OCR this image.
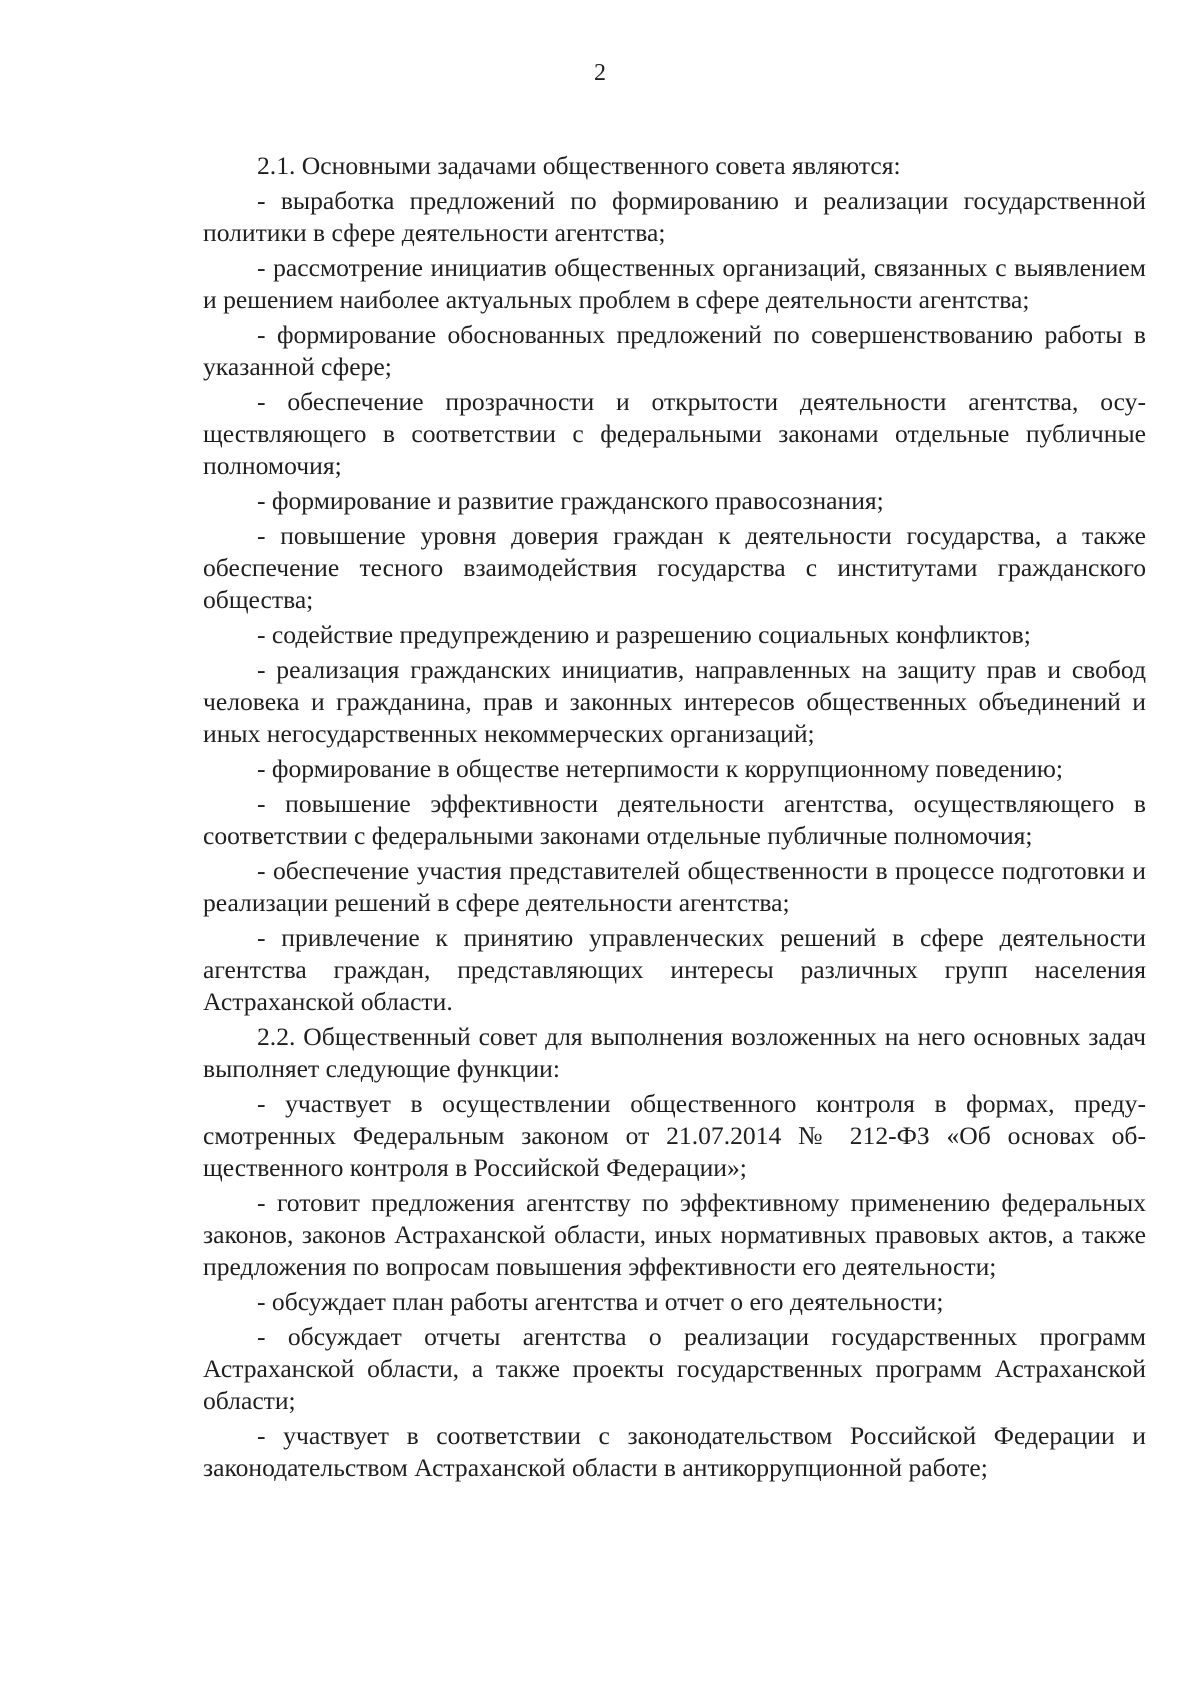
2

2.1. Основными задачами общественного совета являются:

- выработка предложений по формированию и реализации государственной политики в сфере деятельности агентства;

- рассмотрение инициатив общественных организаций, связанных с выявлением и решением наиболее актуальных проблем в сфере деятельности агентства;

- формирование обоснованных предложений по совершенствованию работы в указанной сфере;

- обеспечение прозрачности и открытости деятельности агентства, осуществляющего в соответствии с федеральными законами отдельные публичные полномочия;

- формирование и развитие гражданского правосознания;

- повышение уровня доверия граждан к деятельности государства, а также обеспечение тесного взаимодействия государства с институтами гражданского общества;

- содействие предупреждению и разрешению социальных конфликтов;

- реализация гражданских инициатив, направленных на защиту прав и свобод человека и гражданина, прав и законных интересов общественных объединений и иных негосударственных некоммерческих организаций;

- формирование в обществе нетерпимости к коррупционному поведению;

- повышение эффективности деятельности агентства, осуществляющего в соответствии с федеральными законами отдельные публичные полномочия;

- обеспечение участия представителей общественности в процессе подготовки и реализации решений в сфере деятельности агентства;

- привлечение к принятию управленческих решений в сфере деятельности агентства граждан, представляющих интересы различных групп населения Астраханской области.

2.2. Общественный совет для выполнения возложенных на него основных задач выполняет следующие функции:

- участвует в осуществлении общественного контроля в формах, предусмотренных Федеральным законом от 21.07.2014 № 212-ФЗ «Об основах общественного контроля в Российской Федерации»;

- готовит предложения агентству по эффективному применению федеральных законов, законов Астраханской области, иных нормативных правовых актов, а также предложения по вопросам повышения эффективности его деятельности;

- обсуждает план работы агентства и отчет о его деятельности;

- обсуждает отчеты агентства о реализации государственных программ Астраханской области, а также проекты государственных программ Астраханской области;

- участвует в соответствии с законодательством Российской Федерации и законодательством Астраханской области в антикоррупционной работе;
